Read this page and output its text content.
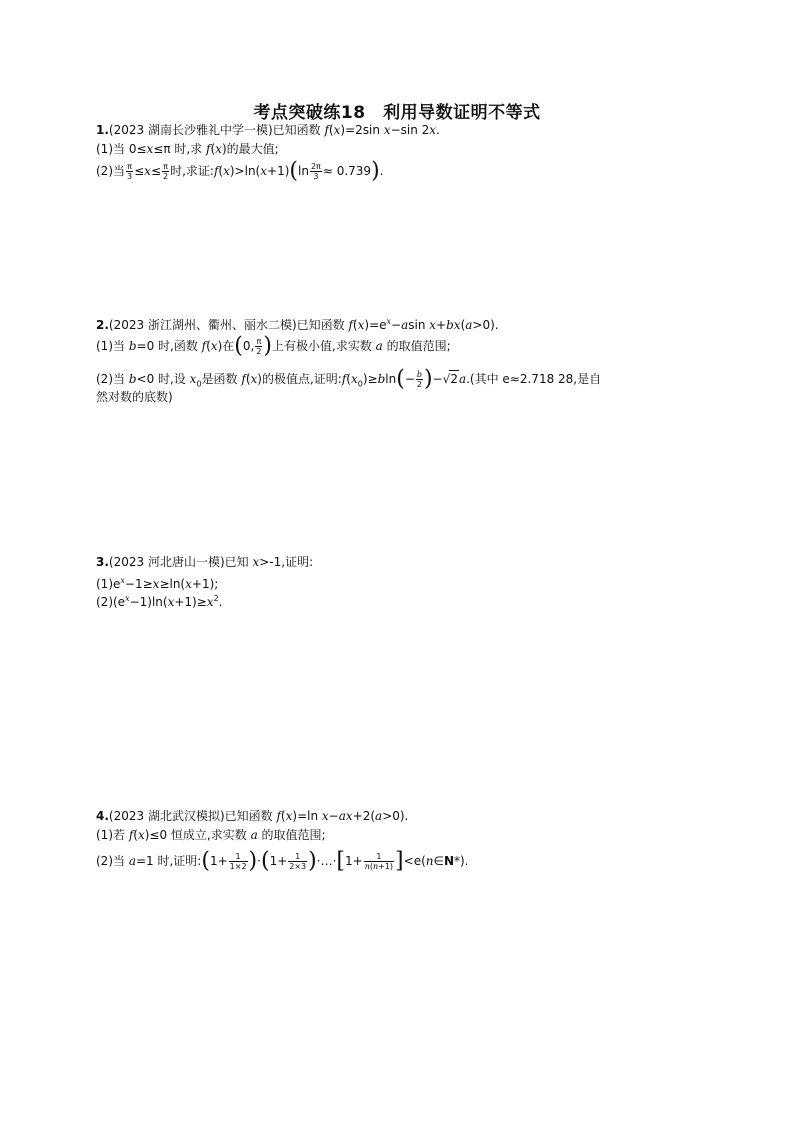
考点突破练18　利用导数证明不等式
1.(2023 湖南长沙雅礼中学一模)已知函数 f(x)=2sin x−sin 2x.
(1)当 0≤x≤π 时,求 f(x)的最大值;
(2)当 $\frac{\pi}{3} \le x\le \frac{\pi}{2}$ 时,求证:f(x)>ln(x+1)(ln $\frac{2\pi}{3} \approx 0.739$).
2.(2023 浙江湖州、衢州、丽水二模)已知函数 $f(x)=e^x-asin$ x+bx(a>0).
(1)当 b=0 时,函数 f(x)在(0, $\frac{\pi}{2}$ )上有极小值,求实数 a 的取值范围;
(2)当 b<0 时,设 $x_0$是函数 f(x)的极值点,证明$:f(x_0)\ge bln(- \frac{b}{2} )-√2a$.(其中 e≈2.718 28,是自
然对数的底数)
3.(2023 河北唐山一模)已知 x>-1,证明:
$(1)e^x-1\ge x\ge\ln(x+1)$;
$(2)(e^x-1)\ln(x+1)\ge x^2$.
4.(2023 湖北武汉模拟)已知函数 f(x)=ln x−ax+2(a>0).
(1)若 f(x)≤0 恒成立,求实数 a 的取值范围;
(2)当 a=1 时,证明:(1+ $\frac{1}{1\times 2} )\cdot(1+ \frac{1}{2\times 3}$ )·…·[1+ $\frac{1}{n(n+1)}$ ]<e(n∈N*).
